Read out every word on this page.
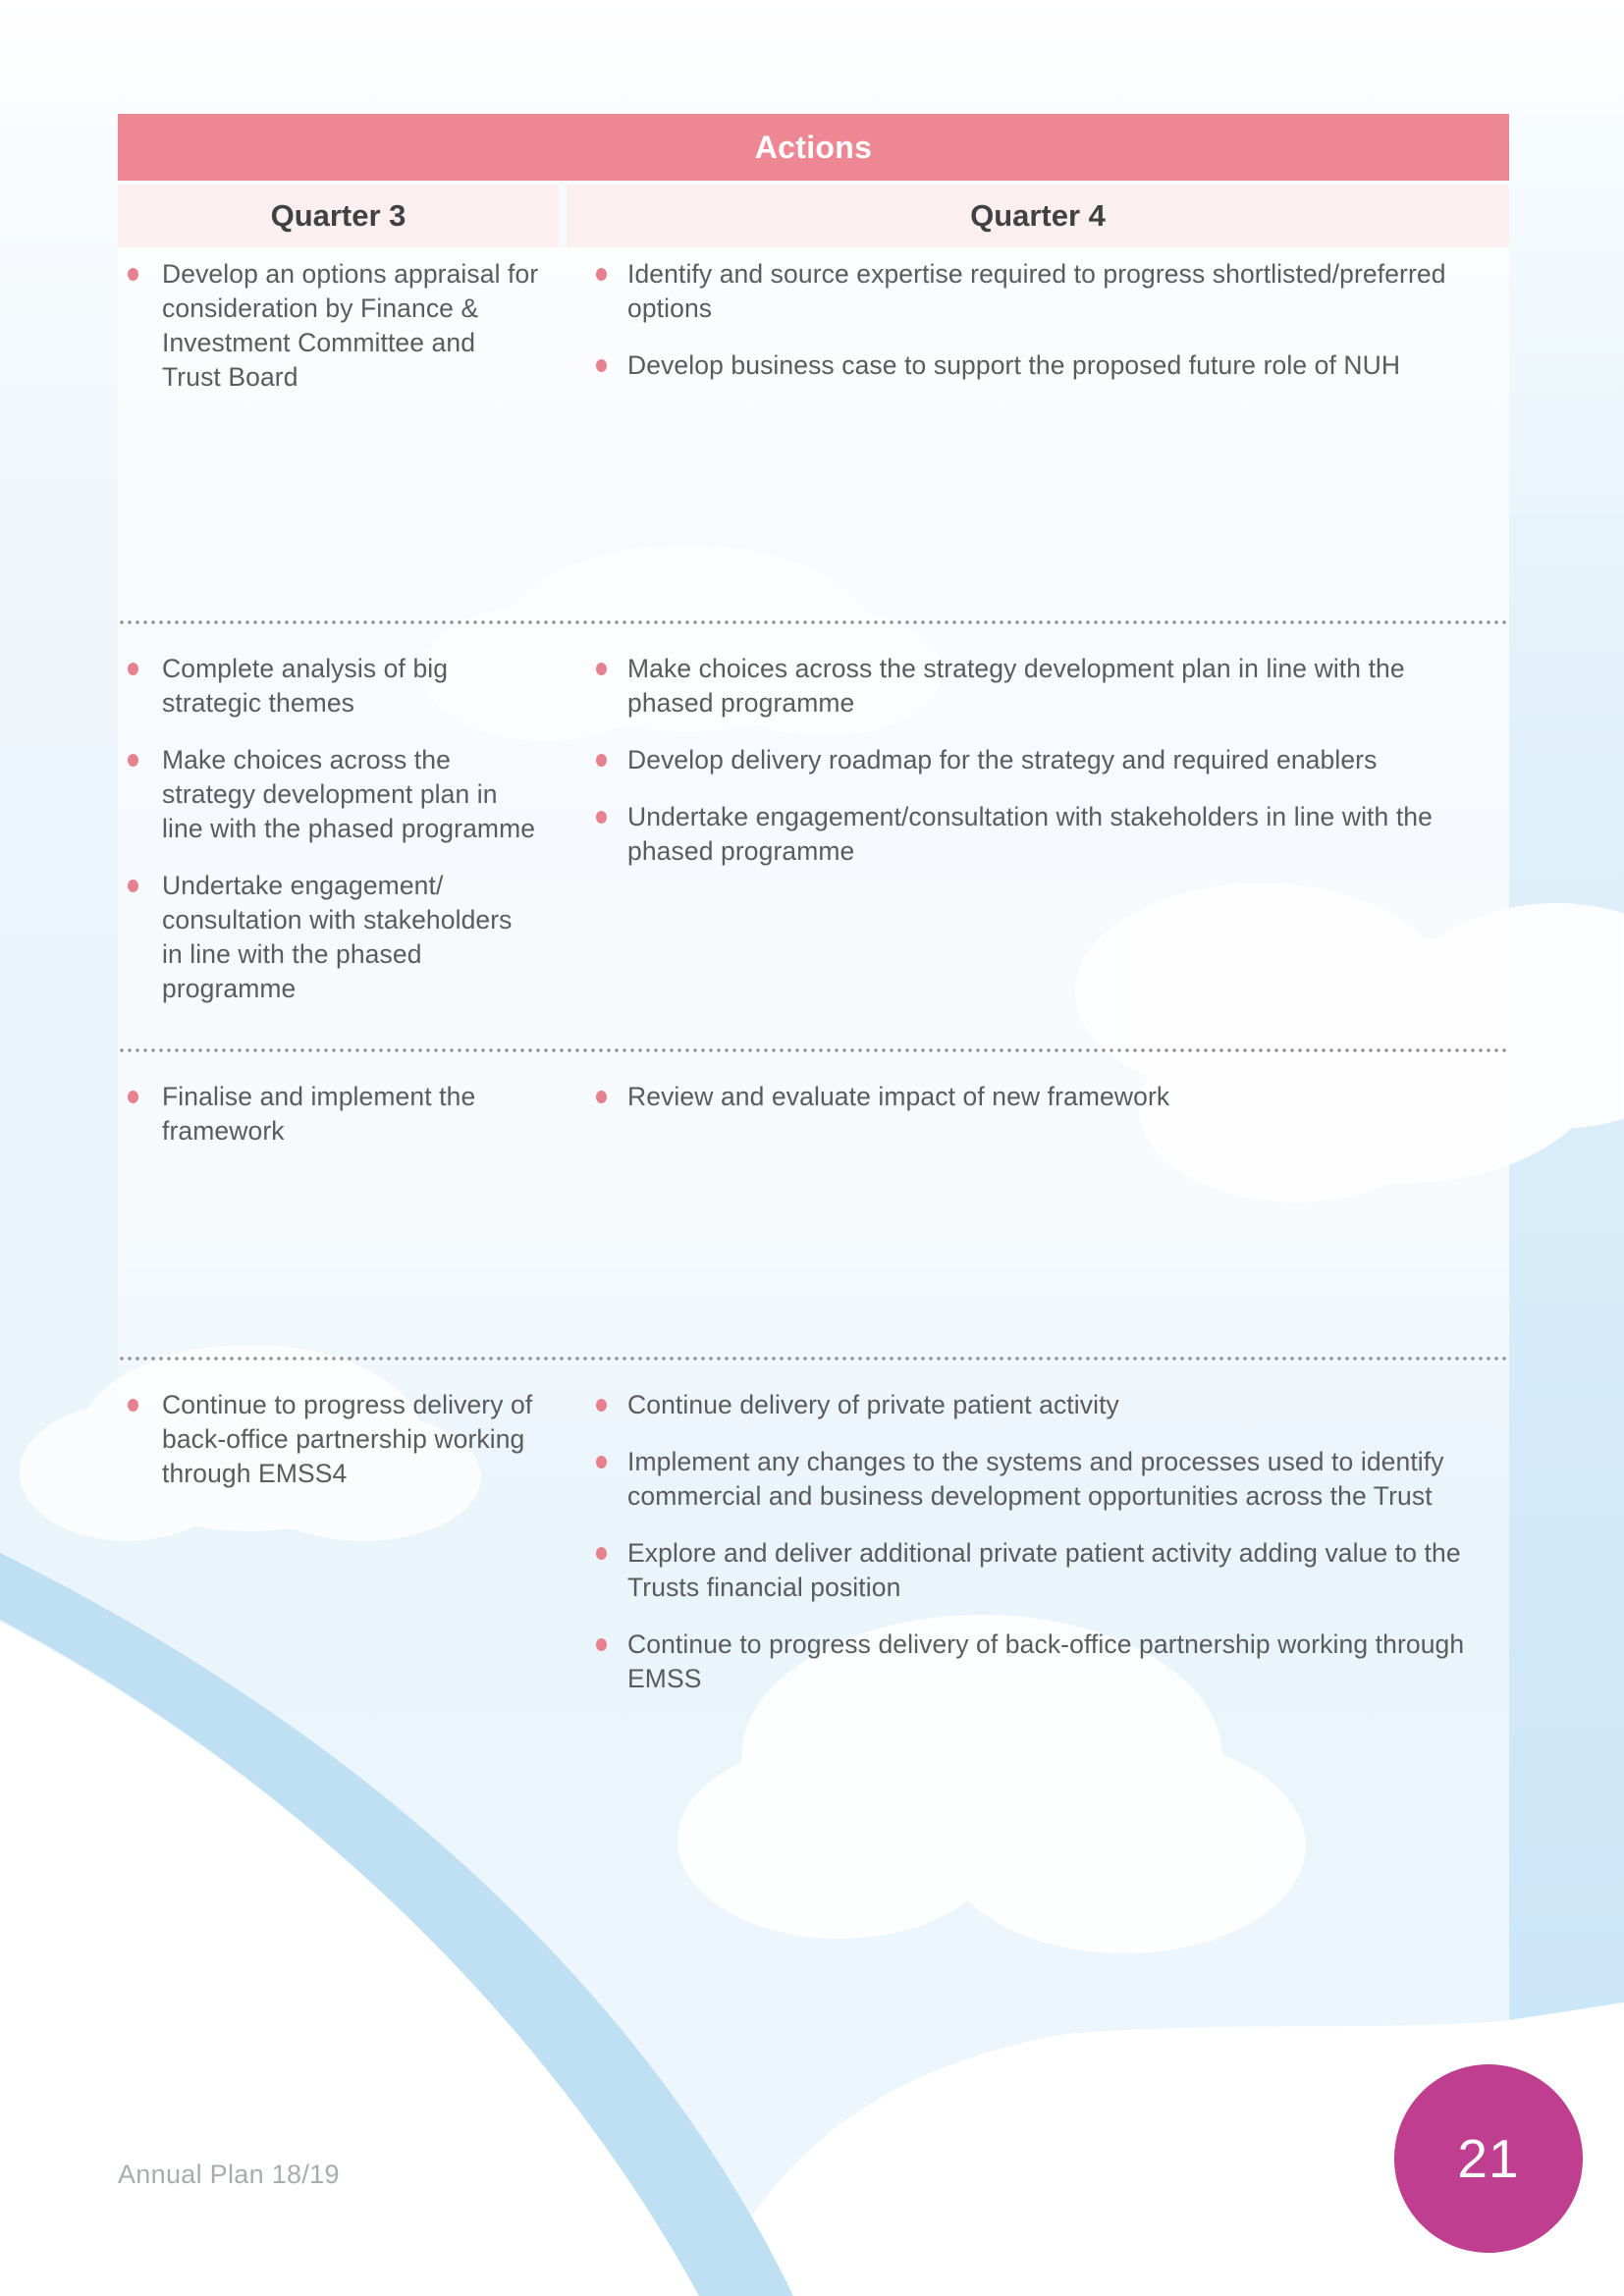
Actions
Quarter 3	Quarter 4
Develop an options appraisal for consideration by Finance & Investment Committee and Trust Board
Identify and source expertise required to progress shortlisted/preferred options
Develop business case to support the proposed future role of NUH
Complete analysis of big strategic themes
Make choices across the strategy development plan in line with the phased programme
Undertake engagement/ consultation with stakeholders in line with the phased programme
Make choices across the strategy development plan in line with the phased programme
Develop delivery roadmap for the strategy and required enablers
Undertake engagement/consultation with stakeholders in line with the phased programme
Finalise and implement the framework
Review and evaluate impact of new framework
Continue to progress delivery of back-office partnership working through EMSS4
Continue delivery of private patient activity
Implement any changes to the systems and processes used to identify commercial and business development opportunities across the Trust
Explore and deliver additional private patient activity adding value to the Trusts financial position
Continue to progress delivery of back-office partnership working through EMSS
Annual Plan 18/19	21
